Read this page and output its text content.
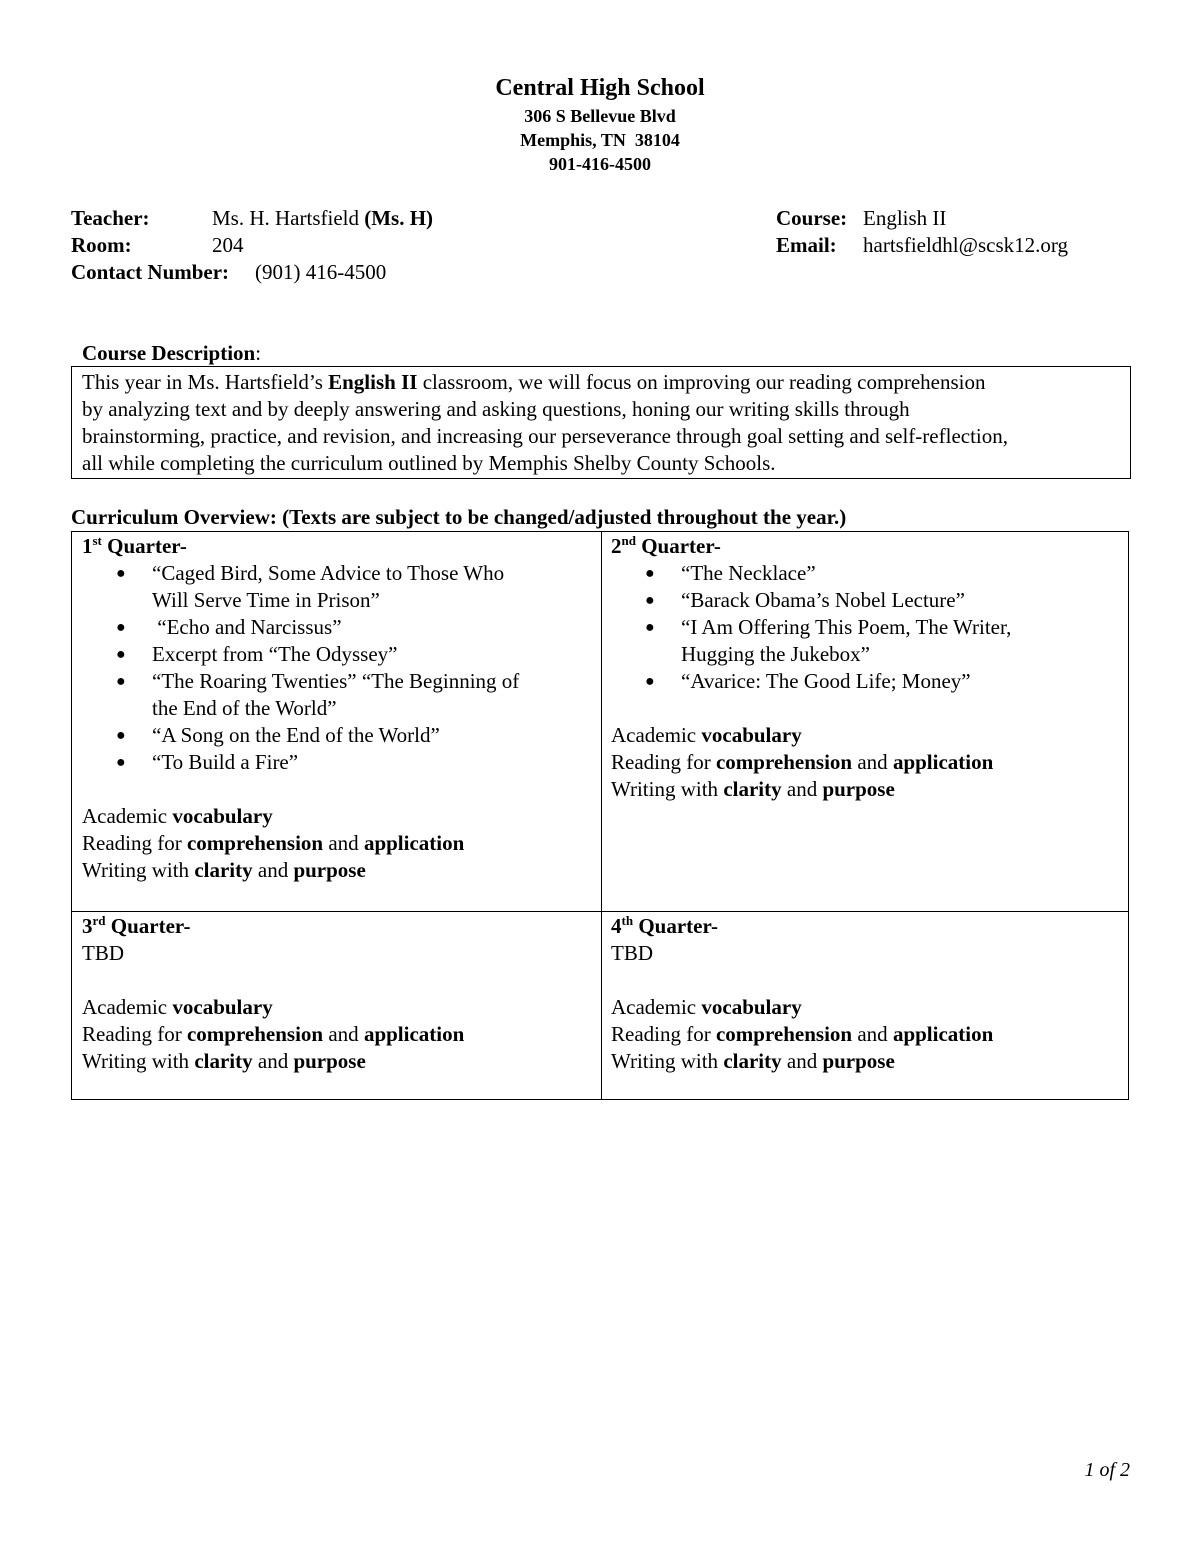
Central High School
306 S Bellevue Blvd
Memphis, TN  38104
901-416-4500
Teacher:	Ms. H. Hartsfield (Ms. H)	Course: English II
Room:	204	Email: hartsfieldhl@scsk12.org
Contact Number: (901) 416-4500
Course Description:
This year in Ms. Hartsfield’s English II classroom, we will focus on improving our reading comprehension
by analyzing text and by deeply answering and asking questions, honing our writing skills through
brainstorming, practice, and revision, and increasing our perseverance through goal setting and self-reflection,
all while completing the curriculum outlined by Memphis Shelby County Schools.
Curriculum Overview: (Texts are subject to be changed/adjusted throughout the year.)
1st Quarter-
● “Caged Bird, Some Advice to Those Who
Will Serve Time in Prison”
● “Echo and Narcissus”
● Excerpt from “The Odyssey”
● “The Roaring Twenties” “The Beginning of
the End of the World”
● “A Song on the End of the World”
● “To Build a Fire”
Academic vocabulary
Reading for comprehension and application
Writing with clarity and purpose
2nd Quarter-
● “The Necklace”
● “Barack Obama’s Nobel Lecture”
● “I Am Offering This Poem, The Writer,
Hugging the Jukebox”
● “Avarice: The Good Life; Money”
Academic vocabulary
Reading for comprehension and application
Writing with clarity and purpose
3rd Quarter-
TBD
Academic vocabulary
Reading for comprehension and application
Writing with clarity and purpose
4th Quarter-
TBD
Academic vocabulary
Reading for comprehension and application
Writing with clarity and purpose
1 of 2
